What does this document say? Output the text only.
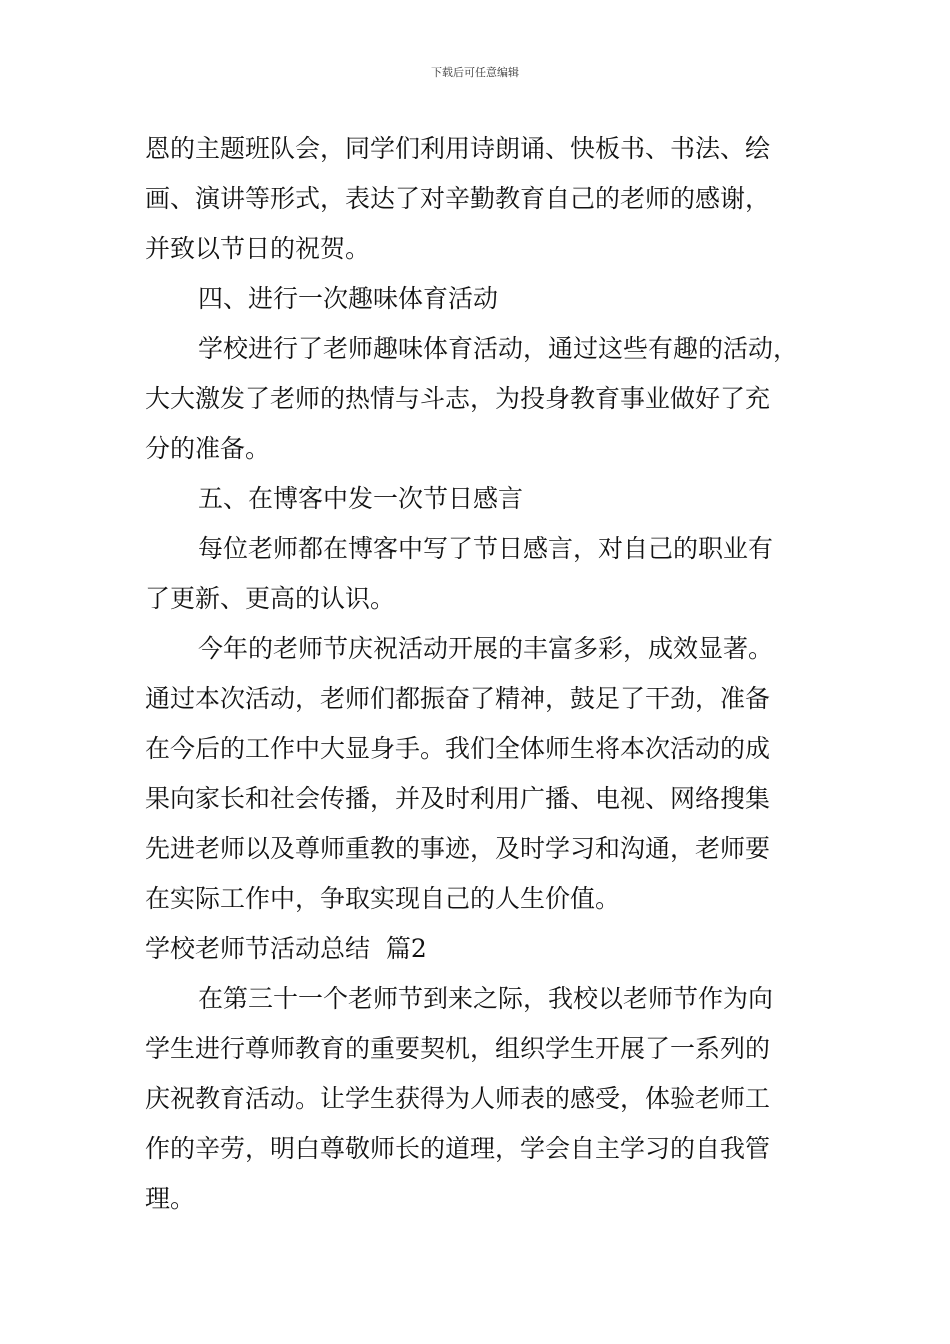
下载后可任意编辑
恩的主题班队会，同学们利用诗朗诵、快板书、书法、绘
画、演讲等形式，表达了对辛勤教育自己的老师的感谢，
并致以节日的祝贺。
四、进行一次趣味体育活动
学校进行了老师趣味体育活动，通过这些有趣的活动，
大大激发了老师的热情与斗志，为投身教育事业做好了充
分的准备。
五、在博客中发一次节日感言
每位老师都在博客中写了节日感言，对自己的职业有
了更新、更高的认识。
今年的老师节庆祝活动开展的丰富多彩，成效显著。
通过本次活动，老师们都振奋了精神，鼓足了干劲，准备
在今后的工作中大显身手。我们全体师生将本次活动的成
果向家长和社会传播，并及时利用广播、电视、网络搜集
先进老师以及尊师重教的事迹，及时学习和沟通，老师要
在实际工作中，争取实现自己的人生价值。
学校老师节活动总结  篇2
在第三十一个老师节到来之际，我校以老师节作为向
学生进行尊师教育的重要契机，组织学生开展了一系列的
庆祝教育活动。让学生获得为人师表的感受，体验老师工
作的辛劳，明白尊敬师长的道理，学会自主学习的自我管
理。
